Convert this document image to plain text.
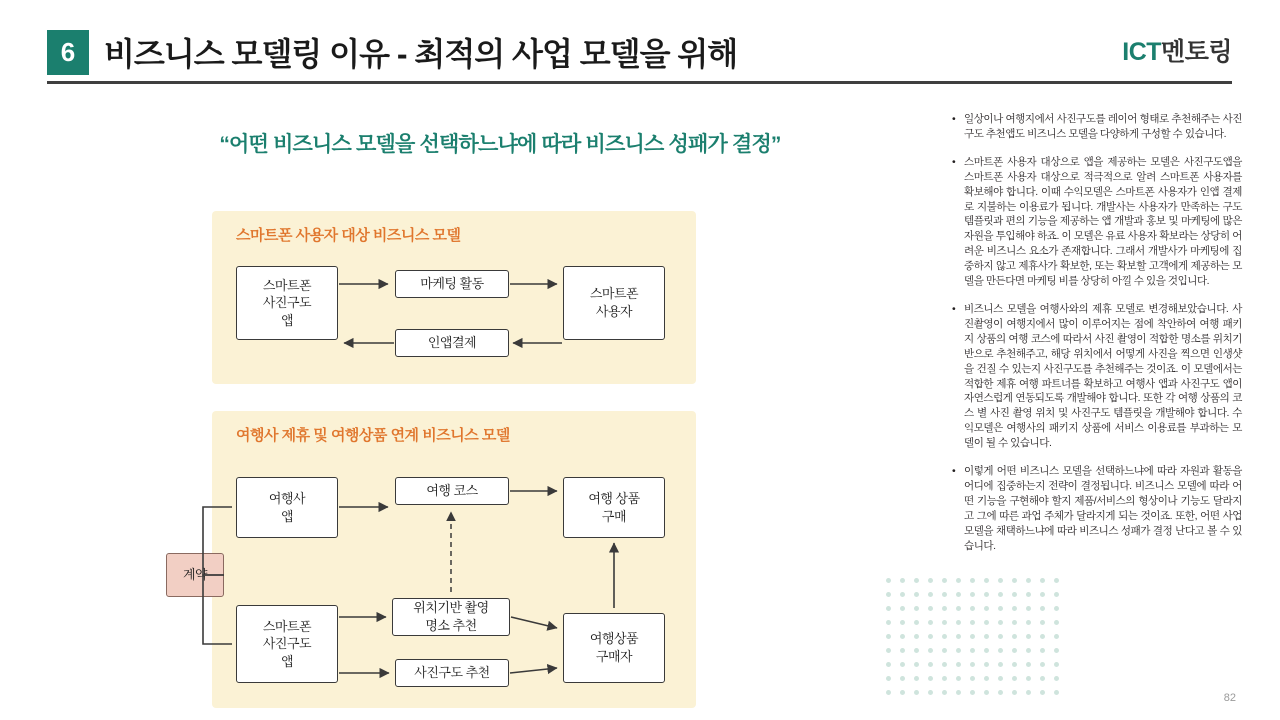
6 비즈니스 모델링 이유 - 최적의 사업 모델을 위해	ICT멘토링
“어떤 비즈니스 모델을 선택하느냐에 따라 비즈니스 성패가 결정”
스마트폰 사용자 대상 비즈니스 모델
스마트폰
사진구도
앱
마케팅 활동
인앱결제
스마트폰
사용자
여행사 제휴 및 여행상품 연계 비즈니스 모델
여행사
앱
여행 코스
여행 상품
구매
계약
스마트폰
사진구도
앱
위치기반 촬영
명소 추천
사진구도 추천
여행상품
구매자
• 일상이나 여행지에서 사진구도를 레이어 형태로 추천해주는 사진구도 추천앱도 비즈니스 모델을 다양하게 구성할 수 있습니다.
• 스마트폰 사용자 대상으로 앱을 제공하는 모델은 사진구도앱을 스마트폰 사용자 대상으로 적극적으로 알려 스마트폰 사용자를 확보해야 합니다. 이때 수익모델은 스마트폰 사용자가 인앱 결제로 지불하는 이용료가 됩니다. 개발사는 사용자가 만족하는 구도 템플릿과 편의 기능을 제공하는 앱 개발과 홍보 및 마케팅에 많은 자원을 투입해야 하죠. 이 모델은 유료 사용자 확보라는 상당히 어려운 비즈니스 요소가 존재합니다. 그래서 개발사가 마케팅에 집중하지 않고 제휴사가 확보한, 또는 확보할 고객에게 제공하는 모델을 만든다면 마케팅 비를 상당히 아낄 수 있을 것입니다.
• 비즈니스 모델을 여행사와의 제휴 모델로 변경해보았습니다. 사진촬영이 여행지에서 많이 이루어지는 점에 착안하여 여행 패키지 상품의 여행 코스에 따라서 사진 촬영이 적합한 명소를 위치기반으로 추천해주고, 해당 위치에서 어떻게 사진을 찍으면 인생샷을 건질 수 있는지 사진구도를 추천해주는 것이죠. 이 모델에서는 적합한 제휴 여행 파트너를 확보하고 여행사 앱과 사진구도 앱이 자연스럽게 연동되도록 개발해야 합니다. 또한 각 여행 상품의 코스 별 사진 촬영 위치 및 사진구도 템플릿을 개발해야 합니다. 수익모델은 여행사의 패키지 상품에 서비스 이용료를 부과하는 모델이 될 수 있습니다.
• 이렇게 어떤 비즈니스 모델을 선택하느냐에 따라 자원과 활동을 어디에 집중하는지 전략이 결정됩니다. 비즈니스 모델에 따라 어떤 기능을 구현해야 할지 제품/서비스의 형상이나 기능도 달라지고 그에 따른 과업 주체가 달라지게 되는 것이죠. 또한, 어떤 사업 모델을 채택하느냐에 따라 비즈니스 성패가 결정 난다고 볼 수 있습니다.
82
